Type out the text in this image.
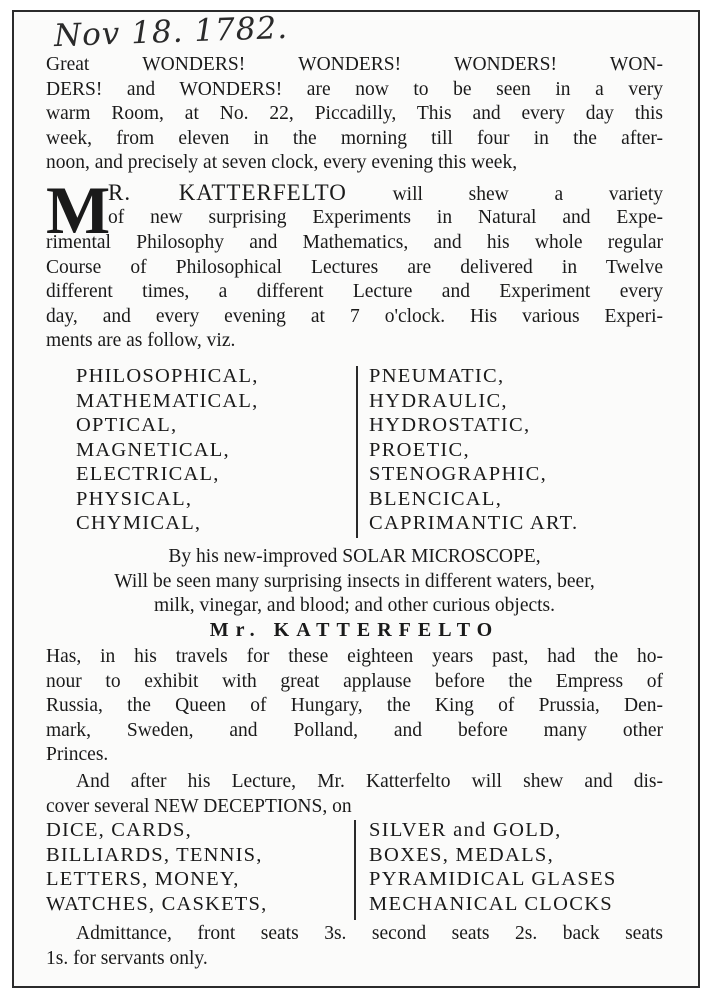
Nov 18. 1782.
Great WONDERS! WONDERS! WONDERS! WON-
DERS! and WONDERS! are now to be seen in a very
warm Room, at No. 22, Piccadilly, This and every day this
week, from eleven in the morning till four in the after-
noon, and precisely at seven clock, every evening this week,
M
R. KATTERFELTO will shew a variety
of new surprising Experiments in Natural and Expe-
rimental Philosophy and Mathematics, and his whole regular
Course of Philosophical Lectures are delivered in Twelve
different times, a different Lecture and Experiment every
day, and every evening at 7 o'clock. His various Experi-
ments are as follow, viz.
PHILOSOPHICAL,
MATHEMATICAL,
OPTICAL,
MAGNETICAL,
ELECTRICAL,
PHYSICAL,
CHYMICAL,
PNEUMATIC,
HYDRAULIC,
HYDROSTATIC,
PROETIC,
STENOGRAPHIC,
BLENCICAL,
CAPRIMANTIC ART.
By his new-improved SOLAR MICROSCOPE,
Will be seen many surprising insects in different waters, beer,
milk, vinegar, and blood; and other curious objects.
Mr. KATTERFELTO
Has, in his travels for these eighteen years past, had the ho-
nour to exhibit with great applause before the Empress of
Russia, the Queen of Hungary, the King of Prussia, Den-
mark, Sweden, and Polland, and before many other
Princes.
And after his Lecture, Mr. Katterfelto will shew and dis-
cover several NEW DECEPTIONS, on
DICE, CARDS,
BILLIARDS, TENNIS,
LETTERS, MONEY,
WATCHES, CASKETS,
SILVER and GOLD,
BOXES, MEDALS,
PYRAMIDICAL GLASES
MECHANICAL CLOCKS
Admittance, front seats 3s. second seats 2s. back seats
1s. for servants only.
